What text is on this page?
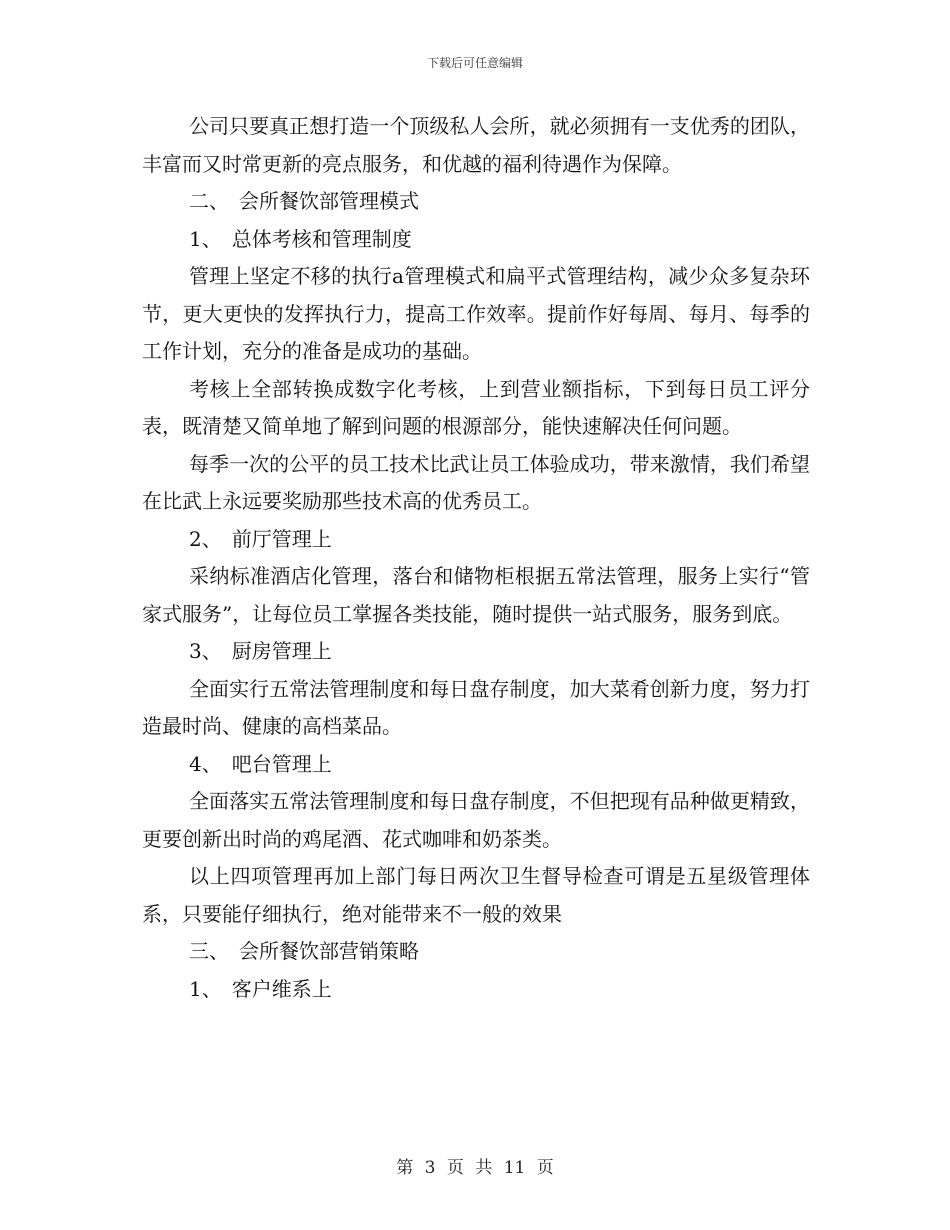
下载后可任意编辑

公司只要真正想打造一个顶级私人会所，就必须拥有一支优秀的团队，丰富而又时常更新的亮点服务，和优越的福利待遇作为保障。

二、　会所餐饮部管理模式

1、　总体考核和管理制度

管理上坚定不移的执行a管理模式和扁平式管理结构，减少众多复杂环节，更大更快的发挥执行力，提高工作效率。提前作好每周、每月、每季的工作计划，充分的准备是成功的基础。

考核上全部转换成数字化考核，上到营业额指标，下到每日员工评分表，既清楚又简单地了解到问题的根源部分，能快速解决任何问题。

每季一次的公平的员工技术比武让员工体验成功，带来激情，我们希望在比武上永远要奖励那些技术高的优秀员工。

2、　前厅管理上

采纳标准酒店化管理，落台和储物柜根据五常法管理，服务上实行“管家式服务”，让每位员工掌握各类技能，随时提供一站式服务，服务到底。

3、　厨房管理上

全面实行五常法管理制度和每日盘存制度，加大菜肴创新力度，努力打造最时尚、健康的高档菜品。

4、　吧台管理上

全面落实五常法管理制度和每日盘存制度，不但把现有品种做更精致，更要创新出时尚的鸡尾酒、花式咖啡和奶茶类。

以上四项管理再加上部门每日两次卫生督导检查可谓是五星级管理体系，只要能仔细执行，绝对能带来不一般的效果

三、　会所餐饮部营销策略

1、　客户维系上

第 3 页 共 11 页
